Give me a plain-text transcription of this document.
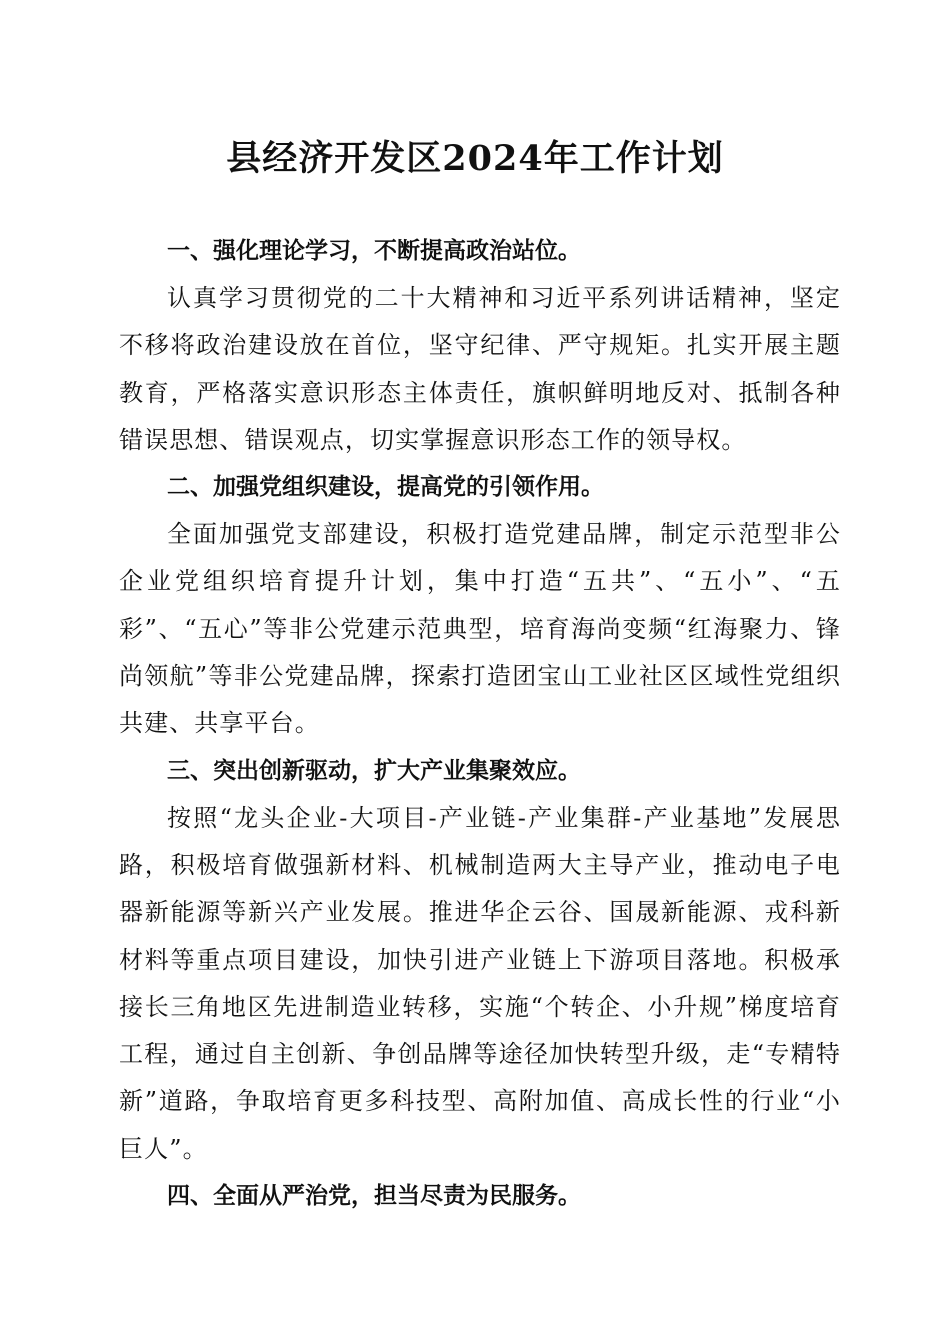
县经济开发区2024年工作计划

一、强化理论学习，不断提高政治站位。

认真学习贯彻党的二十大精神和习近平系列讲话精神，坚定不移将政治建设放在首位，坚守纪律、严守规矩。扎实开展主题教育，严格落实意识形态主体责任，旗帜鲜明地反对、抵制各种错误思想、错误观点，切实掌握意识形态工作的领导权。

二、加强党组织建设，提高党的引领作用。

全面加强党支部建设，积极打造党建品牌，制定示范型非公企业党组织培育提升计划，集中打造“五共”、“五小”、“五彩”、“五心”等非公党建示范典型，培育海尚变频“红海聚力、锋尚领航”等非公党建品牌，探索打造团宝山工业社区区域性党组织共建、共享平台。

三、突出创新驱动，扩大产业集聚效应。

按照“龙头企业-大项目-产业链-产业集群-产业基地”发展思路，积极培育做强新材料、机械制造两大主导产业，推动电子电器新能源等新兴产业发展。推进华企云谷、国晟新能源、戎科新材料等重点项目建设，加快引进产业链上下游项目落地。积极承接长三角地区先进制造业转移，实施“个转企、小升规”梯度培育工程，通过自主创新、争创品牌等途径加快转型升级，走“专精特新”道路，争取培育更多科技型、高附加值、高成长性的行业“小巨人”。

四、全面从严治党，担当尽责为民服务。
